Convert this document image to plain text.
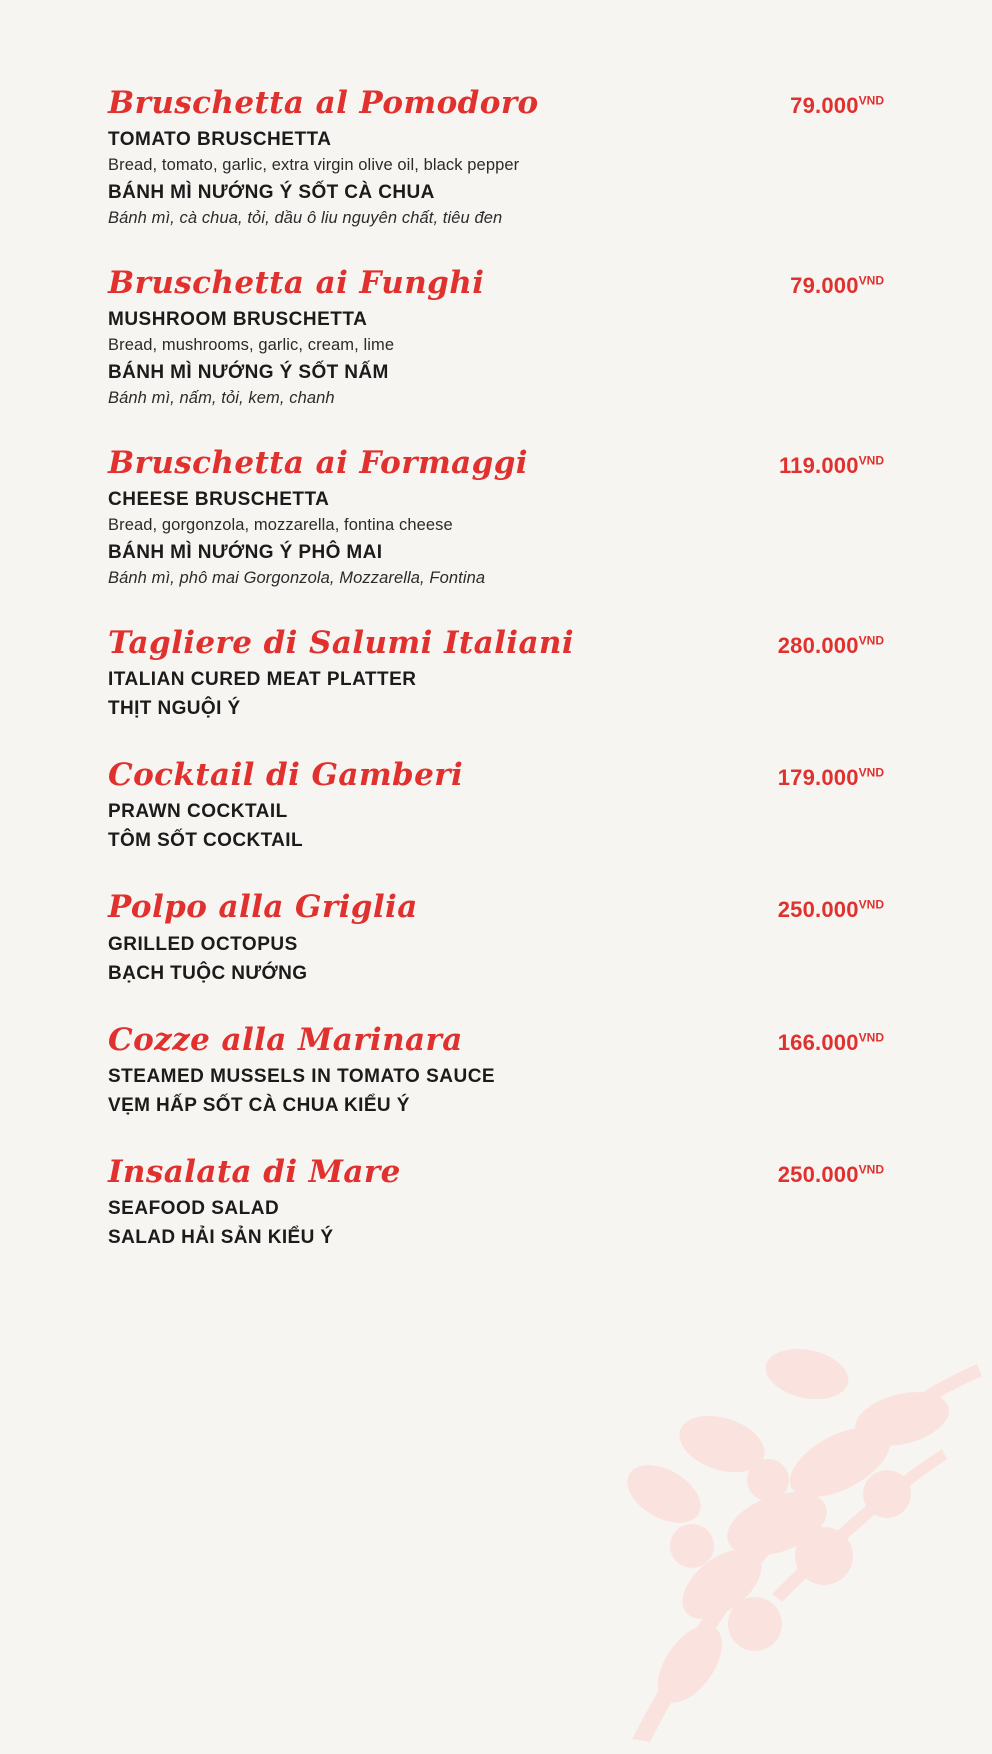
Bruschetta al Pomodoro	$79.000^{VND}$
TOMATO BRUSCHETTA
Bread, tomato, garlic, extra virgin olive oil, black pepper
BÁNH MÌ NƯỚNG Ý SỐT CÀ CHUA
Bánh mì, cà chua, tỏi, dầu ô liu nguyên chất, tiêu đen
Bruschetta ai Funghi	$79.000^{VND}$
MUSHROOM BRUSCHETTA
Bread, mushrooms, garlic, cream, lime
BÁNH MÌ NƯỚNG Ý SỐT NẤM
Bánh mì, nấm, tỏi, kem, chanh
Bruschetta ai Formaggi	$119.000^{VND}$
CHEESE BRUSCHETTA
Bread, gorgonzola, mozzarella, fontina cheese
BÁNH MÌ NƯỚNG Ý PHÔ MAI
Bánh mì, phô mai Gorgonzola, Mozzarella, Fontina
Tagliere di Salumi Italiani	$280.000^{VND}$
ITALIAN CURED MEAT PLATTER
THỊT NGUỘI Ý
Cocktail di Gamberi	$179.000^{VND}$
PRAWN COCKTAIL
TÔM SỐT COCKTAIL
Polpo alla Griglia	$250.000^{VND}$
GRILLED OCTOPUS
BẠCH TUỘC NƯỚNG
Cozze alla Marinara	$166.000^{VND}$
STEAMED MUSSELS IN TOMATO SAUCE
VẸM HẤP SỐT CÀ CHUA KIỂU Ý
Insalata di Mare	$250.000^{VND}$
SEAFOOD SALAD
SALAD HẢI SẢN KIỂU Ý
